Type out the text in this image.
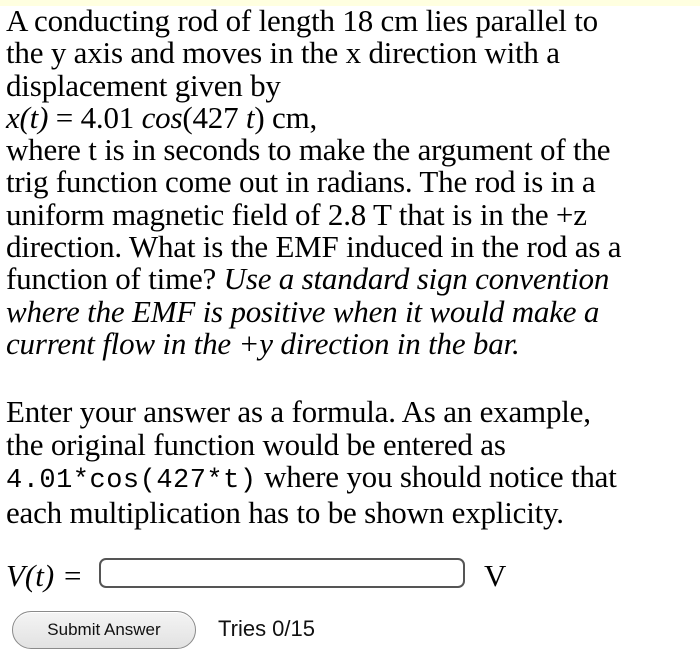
A conducting rod of length 18 cm lies parallel to
the y axis and moves in the x direction with a
displacement given by
x(t) = 4.01 cos(427 t) cm,
where t is in seconds to make the argument of the
trig function come out in radians. The rod is in a
uniform magnetic field of 2.8 T that is in the +z
direction. What is the EMF induced in the rod as a
function of time? Use a standard sign convention
where the EMF is positive when it would make a
current flow in the +y direction in the bar.
Enter your answer as a formula. As an example,
the original function would be entered as
4.01*cos(427*t) where you should notice that
each multiplication has to be shown explicity.
V(t) =	V
Submit Answer	Tries 0/15
